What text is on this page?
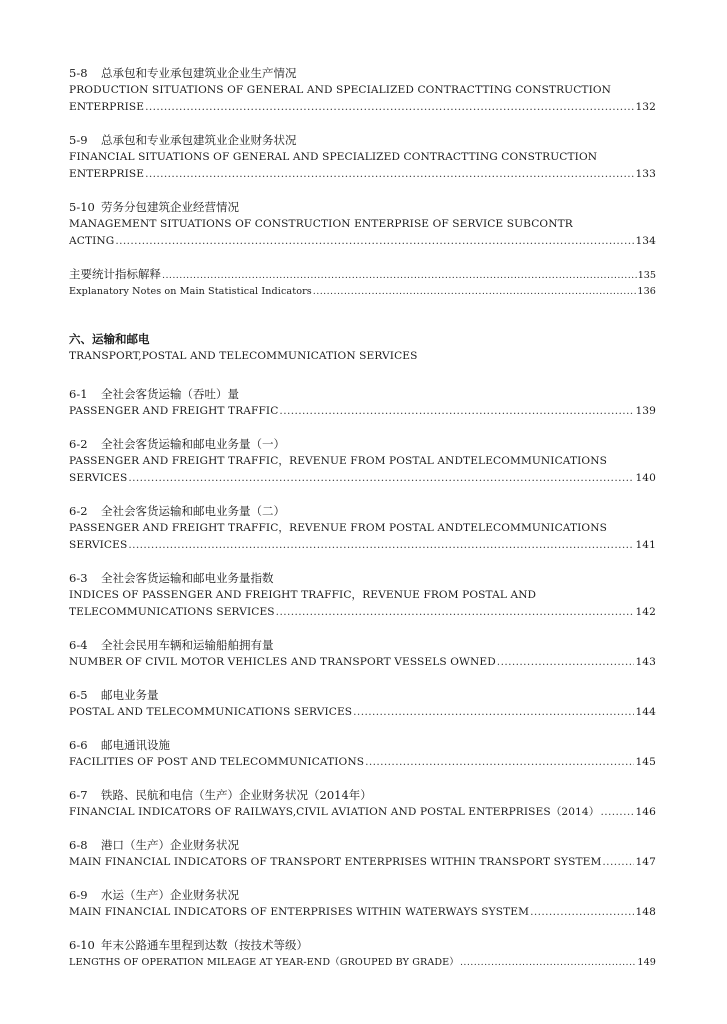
5-8 总承包和专业承包建筑业企业生产情况
PRODUCTION SITUATIONS OF GENERAL AND SPECIALIZED CONTRACTTING CONSTRUCTION
ENTERPRISE .....	132
5-9 总承包和专业承包建筑业企业财务状况
FINANCIAL SITUATIONS OF GENERAL AND SPECIALIZED CONTRACTTING CONSTRUCTION
ENTERPRISE .....	133
5-10 劳务分包建筑企业经营情况
MANAGEMENT SITUATIONS OF CONSTRUCTION ENTERPRISE OF SERVICE SUBCONTR
ACTING .....	134
主要统计指标解释 .....	135
Explanatory Notes on Main Statistical Indicators .....	136
六、运输和邮电
TRANSPORT,POSTAL AND TELECOMMUNICATION SERVICES
6-1 全社会客货运输（吞吐）量
PASSENGER AND FREIGHT TRAFFIC .....	139
6-2 全社会客货运输和邮电业务量（一）
PASSENGER AND FREIGHT TRAFFIC，REVENUE FROM POSTAL ANDTELECOMMUNICATIONS
SERVICES .....	140
6-2 全社会客货运输和邮电业务量（二）
PASSENGER AND FREIGHT TRAFFIC，REVENUE FROM POSTAL ANDTELECOMMUNICATIONS
SERVICES .....	141
6-3 全社会客货运输和邮电业务量指数
INDICES OF PASSENGER AND FREIGHT TRAFFIC，REVENUE FROM POSTAL AND
TELECOMMUNICATIONS SERVICES .....	142
6-4 全社会民用车辆和运输船舶拥有量
NUMBER OF CIVIL MOTOR VEHICLES AND TRANSPORT VESSELS OWNED .....	143
6-5 邮电业务量
POSTAL AND TELECOMMUNICATIONS SERVICES .....	144
6-6 邮电通讯设施
FACILITIES OF POST AND TELECOMMUNICATIONS .....	145
6-7 铁路、民航和电信（生产）企业财务状况（2014年）
FINANCIAL INDICATORS OF RAILWAYS,CIVIL AVIATION AND POSTAL ENTERPRISES（2014） .....	146
6-8 港口（生产）企业财务状况
MAIN FINANCIAL INDICATORS OF TRANSPORT ENTERPRISES WITHIN TRANSPORT SYSTEM .....	147
6-9 水运（生产）企业财务状况
MAIN FINANCIAL INDICATORS OF ENTERPRISES WITHIN WATERWAYS SYSTEM .....	148
6-10 年末公路通车里程到达数（按技术等级）
LENGTHS OF OPERATION MILEAGE AT YEAR-END（GROUPED BY GRADE） .....	149
